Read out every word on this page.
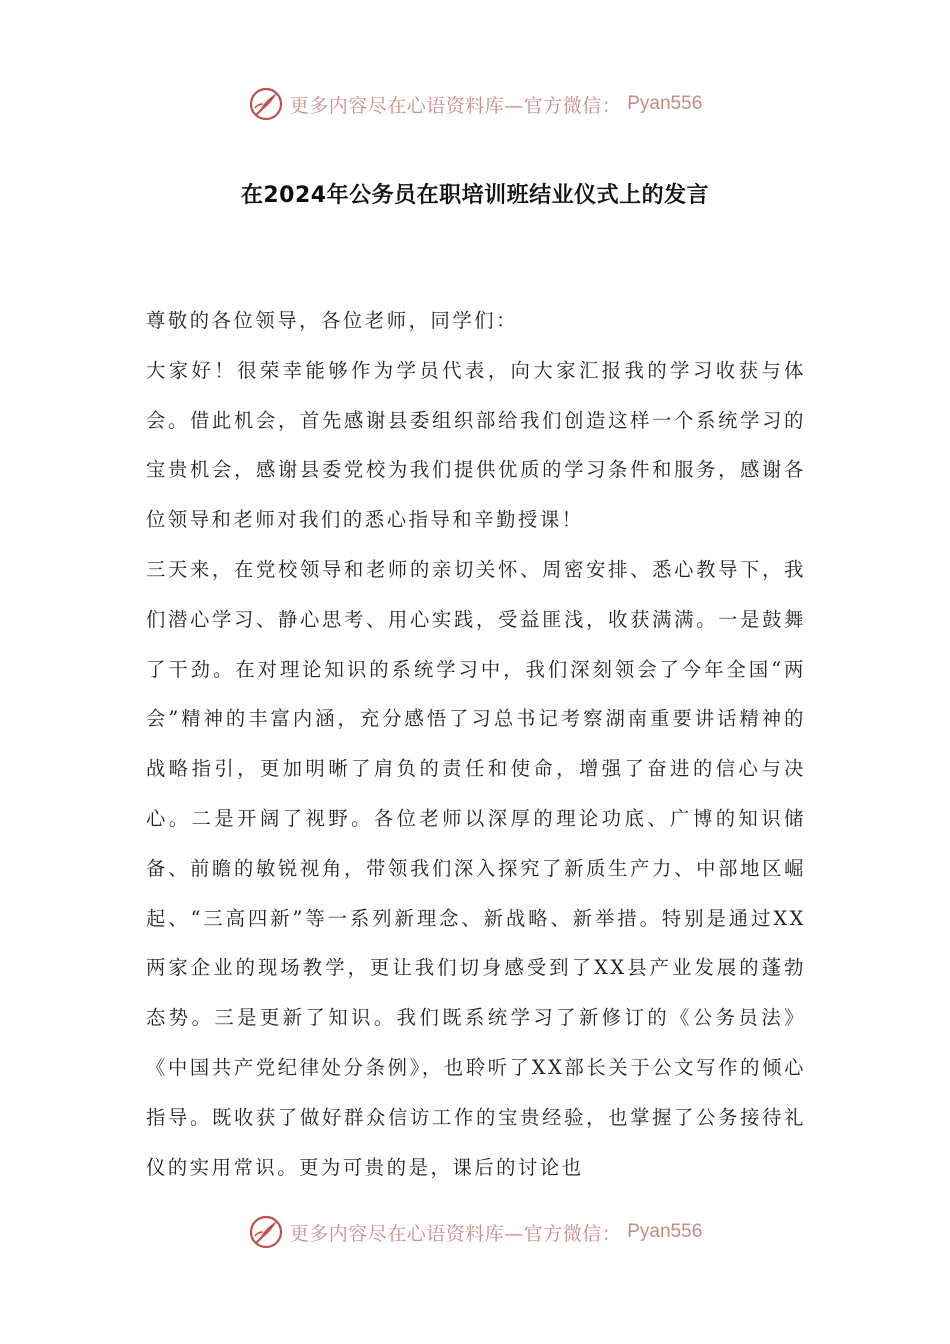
更多内容尽在心语资料库—官方微信： Pyan556
在2024年公务员在职培训班结业仪式上的发言

尊敬的各位领导，各位老师，同学们：

大家好！很荣幸能够作为学员代表，向大家汇报我的学习收获与体会。借此机会，首先感谢县委组织部给我们创造这样一个系统学习的宝贵机会，感谢县委党校为我们提供优质的学习条件和服务，感谢各位领导和老师对我们的悉心指导和辛勤授课！

三天来，在党校领导和老师的亲切关怀、周密安排、悉心教导下，我们潜心学习、静心思考、用心实践，受益匪浅，收获满满。一是鼓舞了干劲。在对理论知识的系统学习中，我们深刻领会了今年全国“两会”精神的丰富内涵，充分感悟了习总书记考察湖南重要讲话精神的战略指引，更加明晰了肩负的责任和使命，增强了奋进的信心与决心。二是开阔了视野。各位老师以深厚的理论功底、广博的知识储备、前瞻的敏锐视角，带领我们深入探究了新质生产力、中部地区崛起、“三高四新”等一系列新理念、新战略、新举措。特别是通过XX两家企业的现场教学，更让我们切身感受到了XX县产业发展的蓬勃态势。三是更新了知识。我们既系统学习了新修订的《公务员法》《中国共产党纪律处分条例》，也聆听了XX部长关于公文写作的倾心指导。既收获了做好群众信访工作的宝贵经验，也掌握了公务接待礼仪的实用常识。更为可贵的是，课后的讨论也

更多内容尽在心语资料库—官方微信： Pyan556
